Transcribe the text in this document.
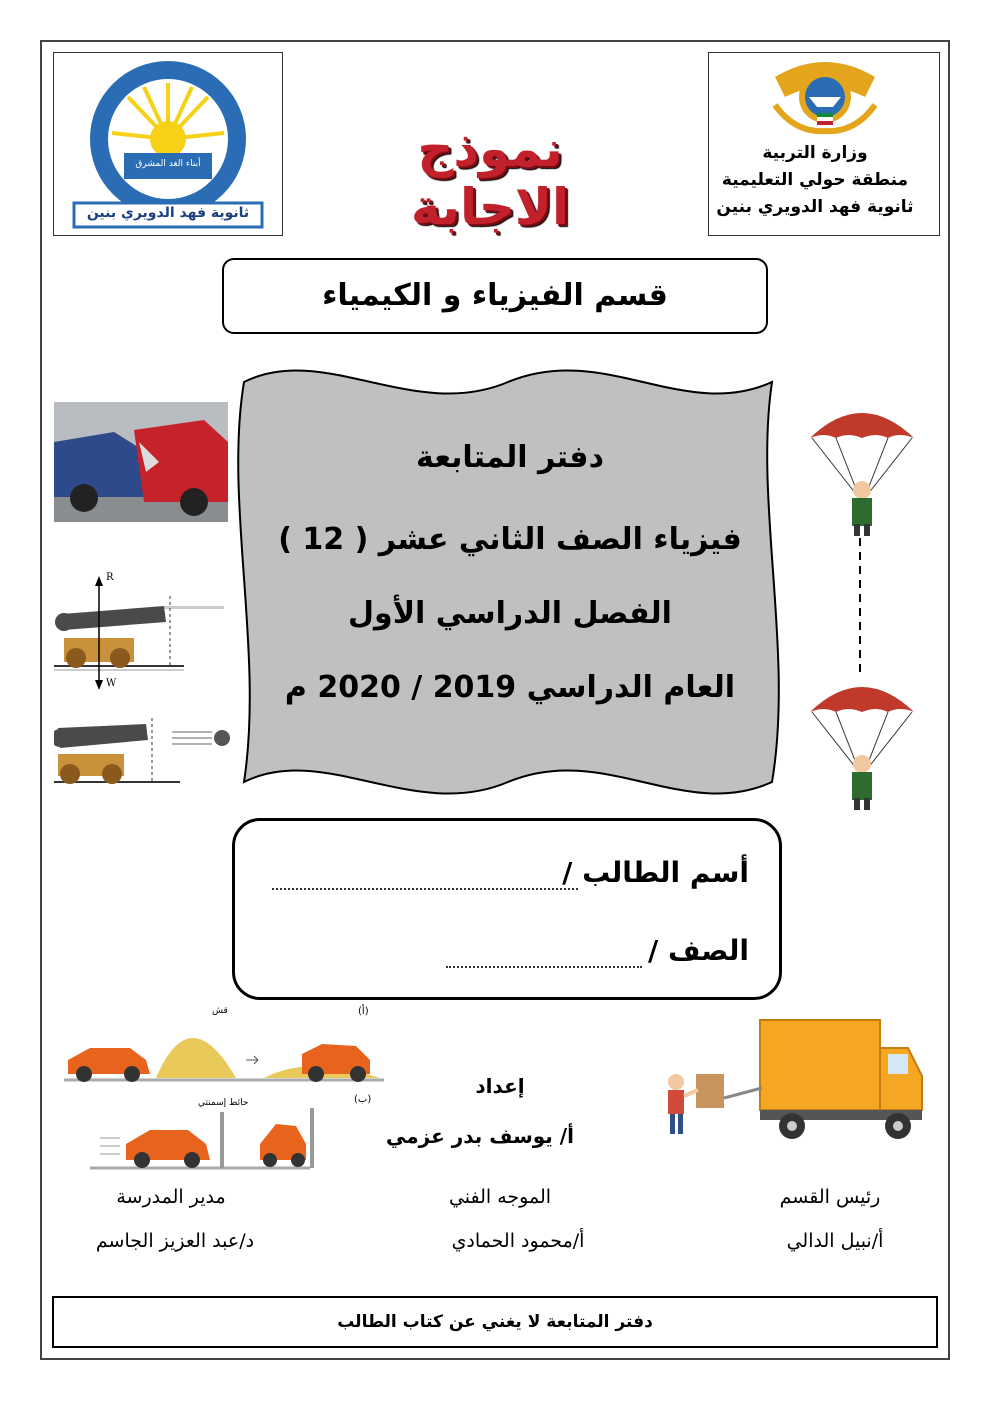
ثانوية فهد الدويري بنين
أبناء الغد المشرق	نموذج الاجابة
وزارة التربية
منطقة حولي التعليمية
ثانوية فهد الدويري بنين
قسم الفيزياء و الكيمياء
دفتر المتابعة
فيزياء الصف الثاني عشر ( 12 )
الفصل الدراسي الأول
العام الدراسي 2019 / 2020 م
R
W
أسم الطالب /
الصف /
(أ)
(ب)
قش
حائط إسمنتي
إعداد
أ/ يوسف بدر عزمي
رئيس القسم
أ/نبيل الدالي
الموجه الفني
أ/محمود الحمادي
مدير المدرسة
د/عبد العزيز الجاسم
دفتر المتابعة لا يغني عن كتاب الطالب
